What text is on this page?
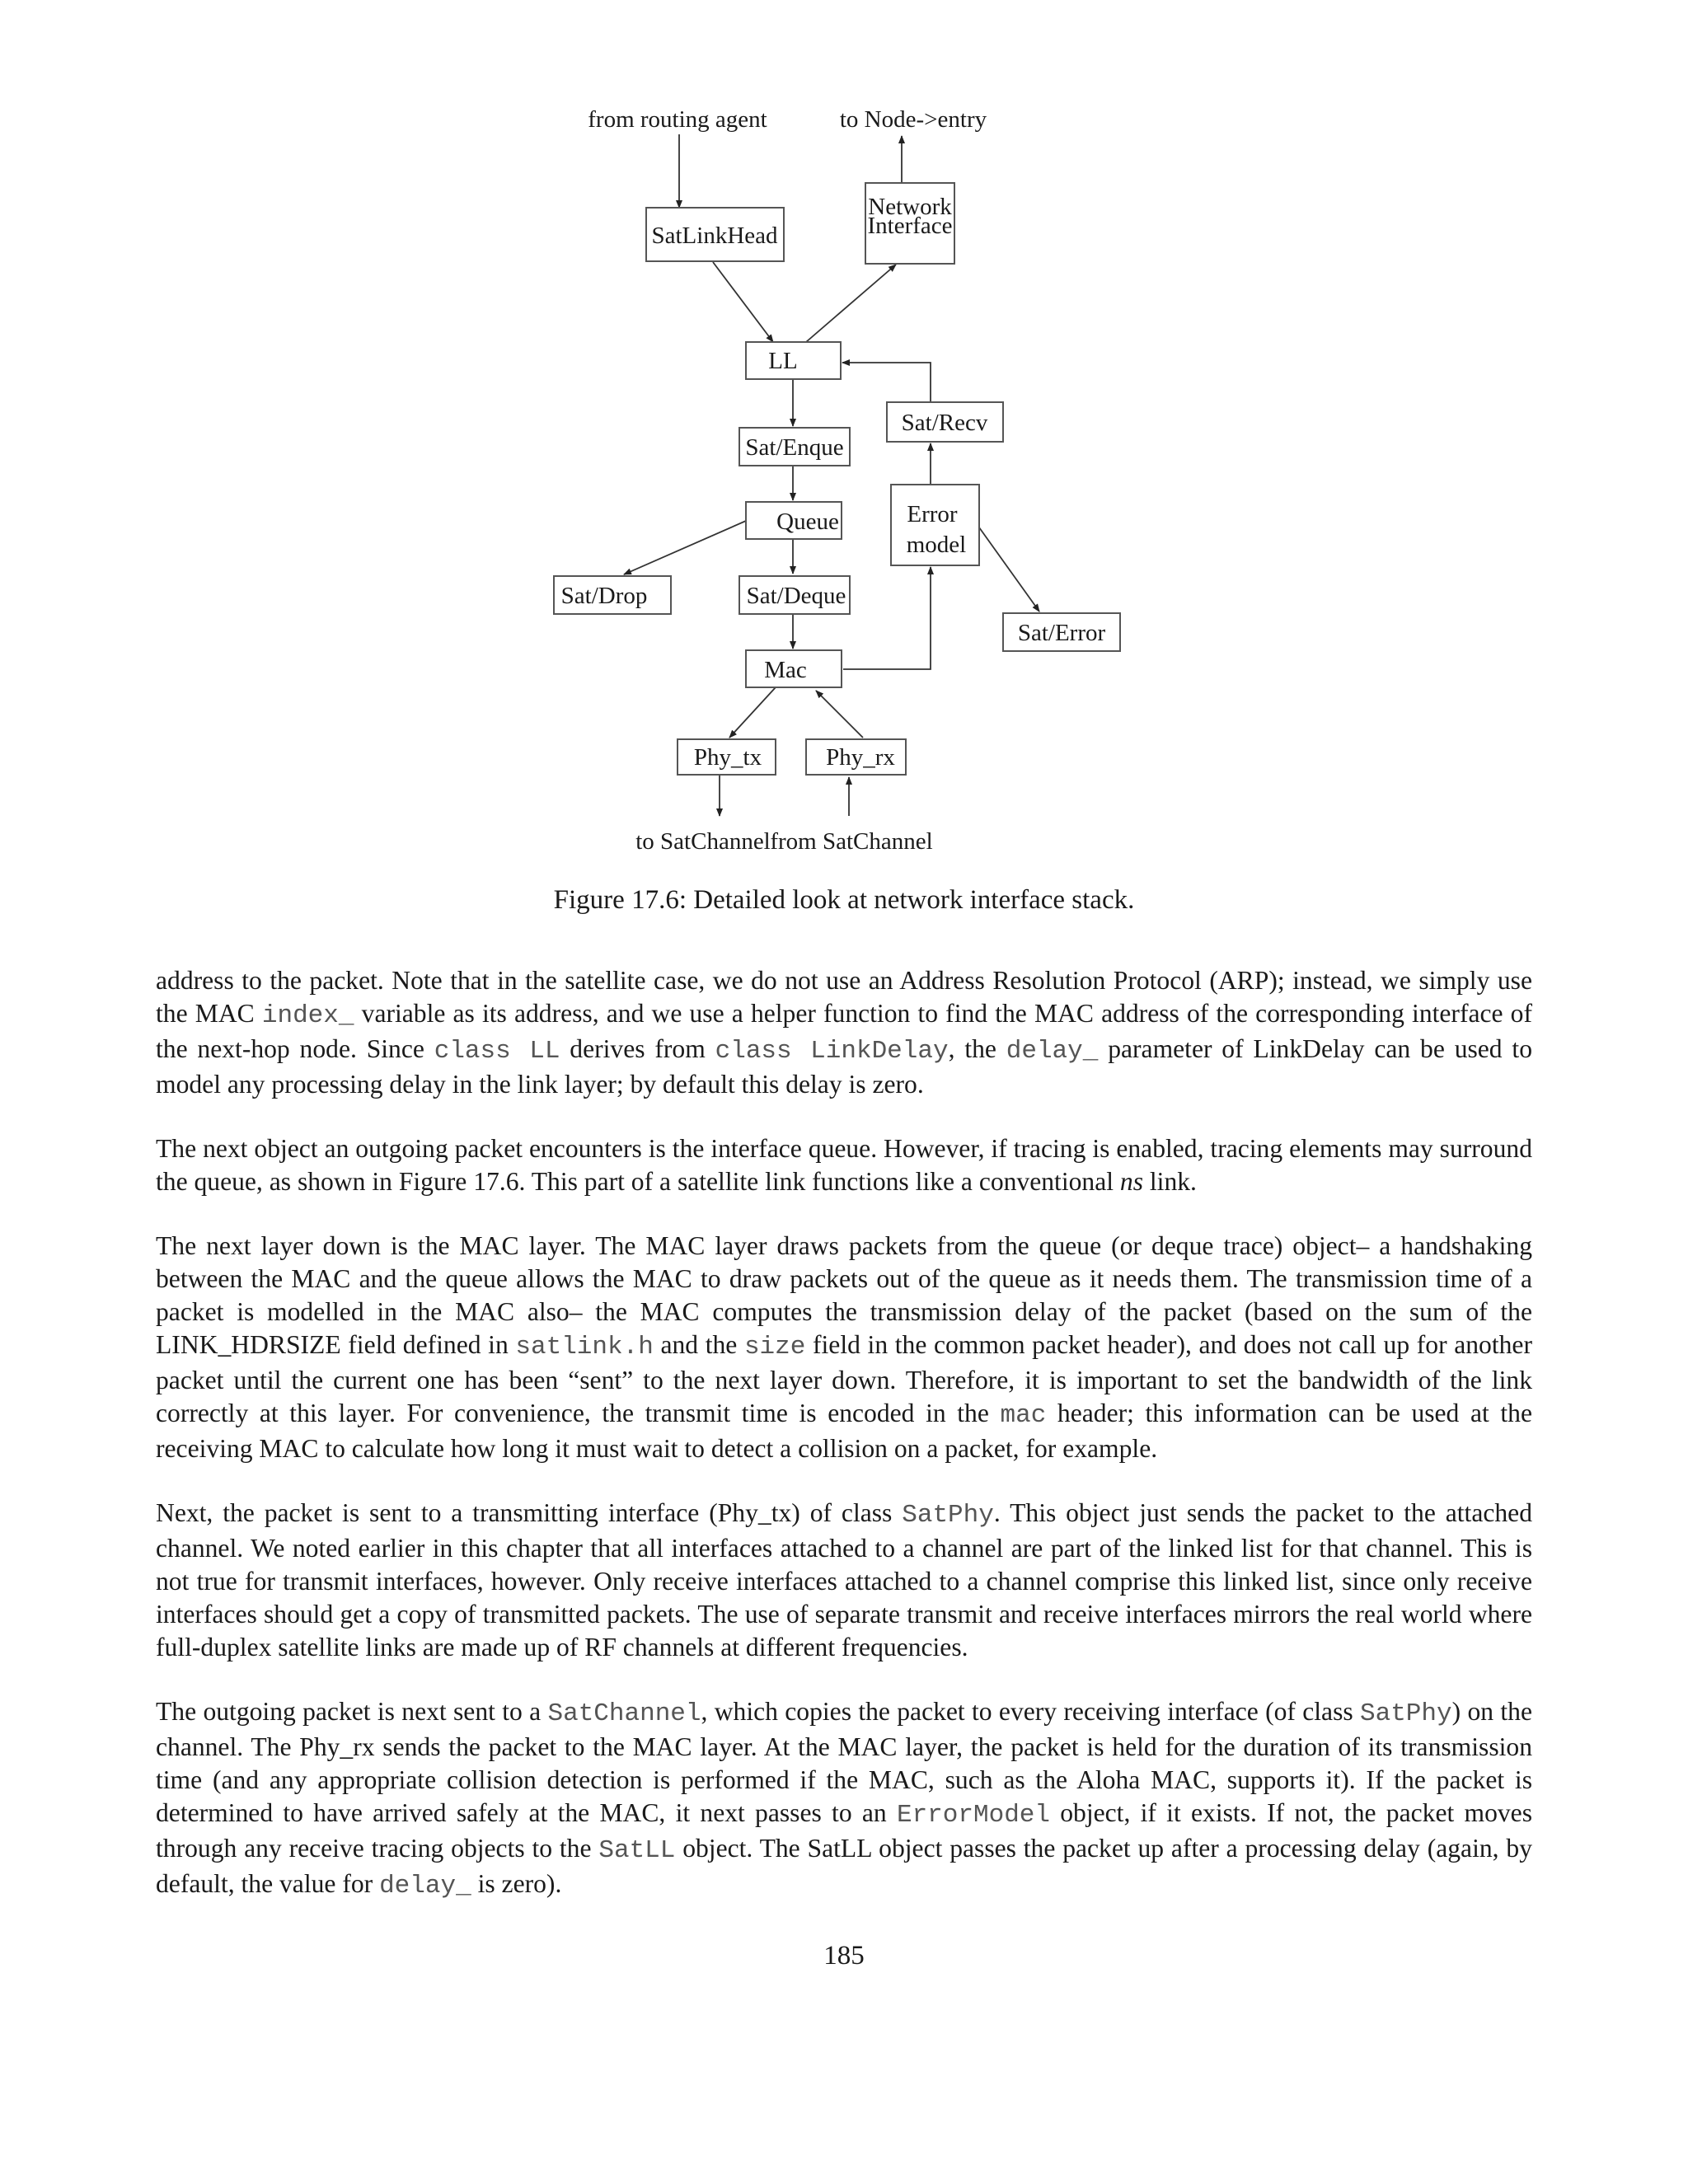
from routing agent	to Node->entry
to SatChannel from SatChannel
SatLinkHead
Network
Interface
LL
Sat/Recv
Sat/Enque
Queue	Error
model
Sat/Drop	Sat/Deque
Sat/Error
Mac
Phy_tx	Phy_rx
Figure 17.6: Detailed look at network interface stack.

address to the packet. Note that in the satellite case, we do not use an Address Resolution Protocol (ARP); instead, we simply use the MAC index_ variable as its address, and we use a helper function to find the MAC address of the corresponding interface of the next-hop node. Since class LL derives from class LinkDelay, the delay_ parameter of LinkDelay can be used to model any processing delay in the link layer; by default this delay is zero.

The next object an outgoing packet encounters is the interface queue. However, if tracing is enabled, tracing elements may surround the queue, as shown in Figure 17.6. This part of a satellite link functions like a conventional ns link.

The next layer down is the MAC layer. The MAC layer draws packets from the queue (or deque trace) object– a handshaking between the MAC and the queue allows the MAC to draw packets out of the queue as it needs them. The transmission time of a packet is modelled in the MAC also– the MAC computes the transmission delay of the packet (based on the sum of the LINK_HDRSIZE field defined in satlink.h and the size field in the common packet header), and does not call up for another packet until the current one has been “sent” to the next layer down. Therefore, it is important to set the bandwidth of the link correctly at this layer. For convenience, the transmit time is encoded in the mac header; this information can be used at the receiving MAC to calculate how long it must wait to detect a collision on a packet, for example.

Next, the packet is sent to a transmitting interface (Phy_tx) of class SatPhy. This object just sends the packet to the attached channel. We noted earlier in this chapter that all interfaces attached to a channel are part of the linked list for that channel. This is not true for transmit interfaces, however. Only receive interfaces attached to a channel comprise this linked list, since only receive interfaces should get a copy of transmitted packets. The use of separate transmit and receive interfaces mirrors the real world where full-duplex satellite links are made up of RF channels at different frequencies.

The outgoing packet is next sent to a SatChannel, which copies the packet to every receiving interface (of class SatPhy) on the channel. The Phy_rx sends the packet to the MAC layer. At the MAC layer, the packet is held for the duration of its transmission time (and any appropriate collision detection is performed if the MAC, such as the Aloha MAC, supports it). If the packet is determined to have arrived safely at the MAC, it next passes to an ErrorModel object, if it exists. If not, the packet moves through any receive tracing objects to the SatLL object. The SatLL object passes the packet up after a processing delay (again, by default, the value for delay_ is zero).

185
